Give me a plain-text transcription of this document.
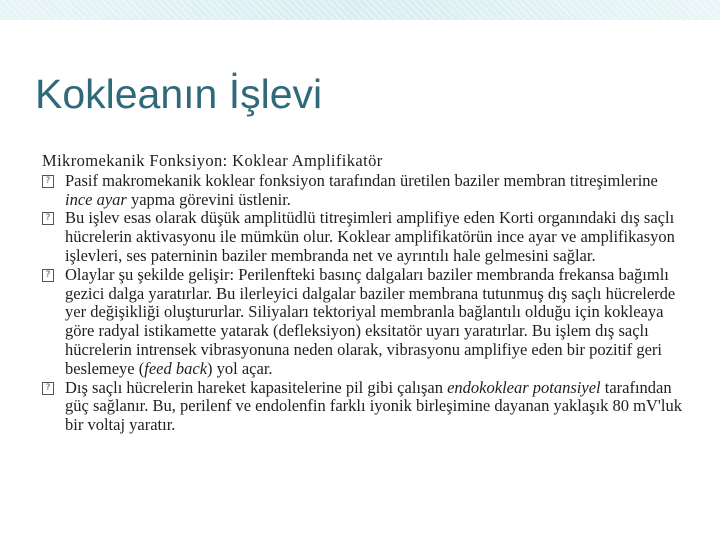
Kokleanın İşlevi

Mikromekanik Fonksiyon: Koklear Amplifikatör

? Pasif makromekanik koklear fonksiyon tarafından üretilen baziler membran titreşimlerine ince ayar yapma görevini üstlenir.
? Bu işlev esas olarak düşük amplitüdlü titreşimleri amplifiye eden Korti organındaki dış saçlı hücrelerin aktivasyonu ile mümkün olur. Koklear amplifikatörün ince ayar ve amplifikasyon işlevleri, ses paterninin baziler membranda net ve ayrıntılı hale gelmesini sağlar.
? Olaylar şu şekilde gelişir: Perilenfteki basınç dalgaları baziler membranda frekansa bağımlı gezici dalga yaratırlar. Bu ilerleyici dalgalar baziler membrana tutunmuş dış saçlı hücrelerde yer değişikliği oluştururlar. Siliyaları tektoriyal membranla bağlantılı olduğu için kokleaya göre radyal istikamette yatarak (defleksiyon) eksitatör uyarı yaratırlar. Bu işlem dış saçlı hücrelerin intrensek vibrasyonuna neden olarak, vibrasyonu amplifiye eden bir pozitif geri beslemeye (feed back) yol açar.
? Dış saçlı hücrelerin hareket kapasitelerine pil gibi çalışan endokoklear potansiyel tarafından güç sağlanır. Bu, perilenf ve endolenfin farklı iyonik birleşimine dayanan yaklaşık 80 mV'luk bir voltaj yaratır.
